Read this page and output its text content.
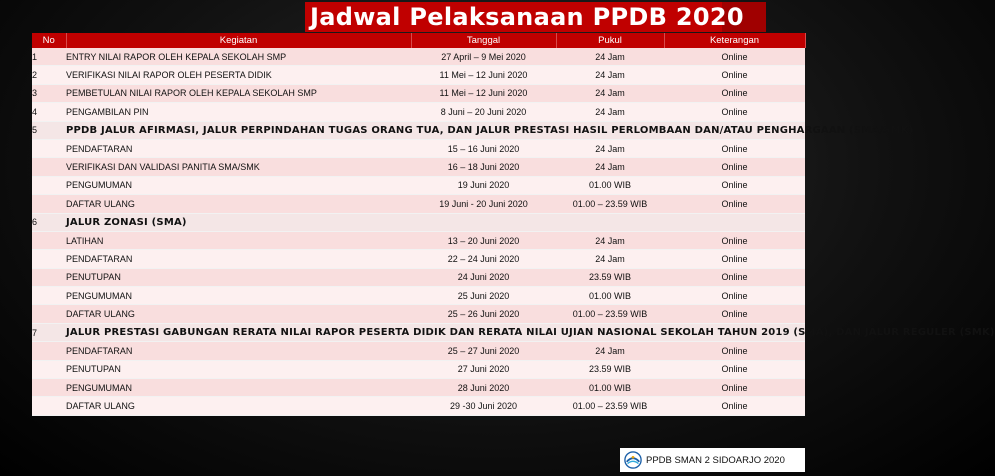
Jadwal Pelaksanaan PPDB 2020
No	Kegiatan	Tanggal	Pukul	Keterangan
1	ENTRY NILAI RAPOR OLEH KEPALA SEKOLAH SMP	27 April – 9 Mei 2020	24 Jam	Online
2	VERIFIKASI NILAI RAPOR OLEH PESERTA DIDIK	11 Mei – 12 Juni 2020	24 Jam	Online
3	PEMBETULAN NILAI RAPOR OLEH KEPALA SEKOLAH SMP	11 Mei – 12 Juni 2020	24 Jam	Online
4	PENGAMBILAN PIN	8 Juni – 20 Juni 2020	24 Jam	Online
5	PPDB JALUR AFIRMASI, JALUR PERPINDAHAN TUGAS ORANG TUA, DAN JALUR PRESTASI HASIL PERLOMBAAN DAN/ATAU PENGHARGAAN (SMA/SMK)			
	PENDAFTARAN	15 – 16 Juni 2020	24 Jam	Online
	VERIFIKASI DAN VALIDASI PANITIA SMA/SMK	16 – 18 Juni 2020	24 Jam	Online
	PENGUMUMAN	19 Juni 2020	01.00 WIB	Online
	DAFTAR ULANG	19 Juni - 20 Juni 2020	01.00 – 23.59 WIB	Online
6	JALUR ZONASI (SMA)			
	LATIHAN	13 – 20 Juni 2020	24 Jam	Online
	PENDAFTARAN	22 – 24 Juni 2020	24 Jam	Online
	PENUTUPAN	24 Juni 2020	23.59 WIB	Online
	PENGUMUMAN	25 Juni 2020	01.00 WIB	Online
	DAFTAR ULANG	25 – 26 Juni 2020	01.00 – 23.59 WIB	Online
7	JALUR PRESTASI GABUNGAN RERATA NILAI RAPOR PESERTA DIDIK DAN RERATA NILAI UJIAN NASIONAL SEKOLAH TAHUN 2019 (SMA), DAN JALUR REGULER (SMK)			
	PENDAFTARAN	25 – 27 Juni 2020	24 Jam	Online
	PENUTUPAN	27 Juni 2020	23.59 WIB	Online
	PENGUMUMAN	28 Juni 2020	01.00 WIB	Online
	DAFTAR ULANG	29 -30 Juni 2020	01.00 – 23.59 WIB	Online
PPDB SMAN 2 SIDOARJO 2020
